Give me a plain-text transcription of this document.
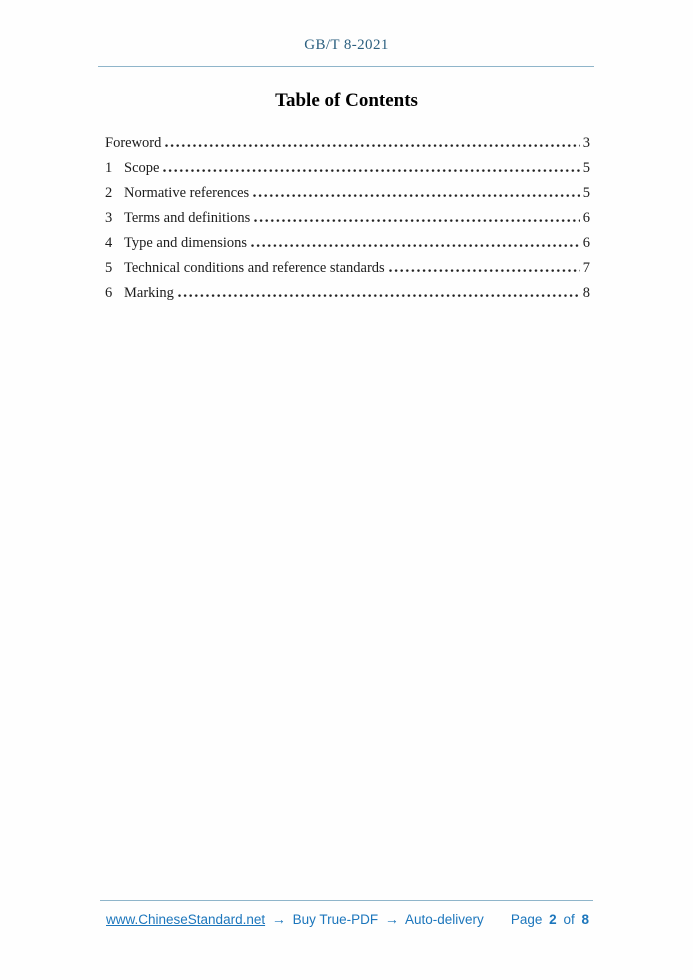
GB/T 8-2021
Table of Contents
Foreword	3
1 Scope	5
2 Normative references	5
3 Terms and definitions	6
4 Type and dimensions	6
5 Technical conditions and reference standards	7
6 Marking	8
www.ChineseStandard.net → Buy True-PDF → Auto-delivery Page 2 of 8
